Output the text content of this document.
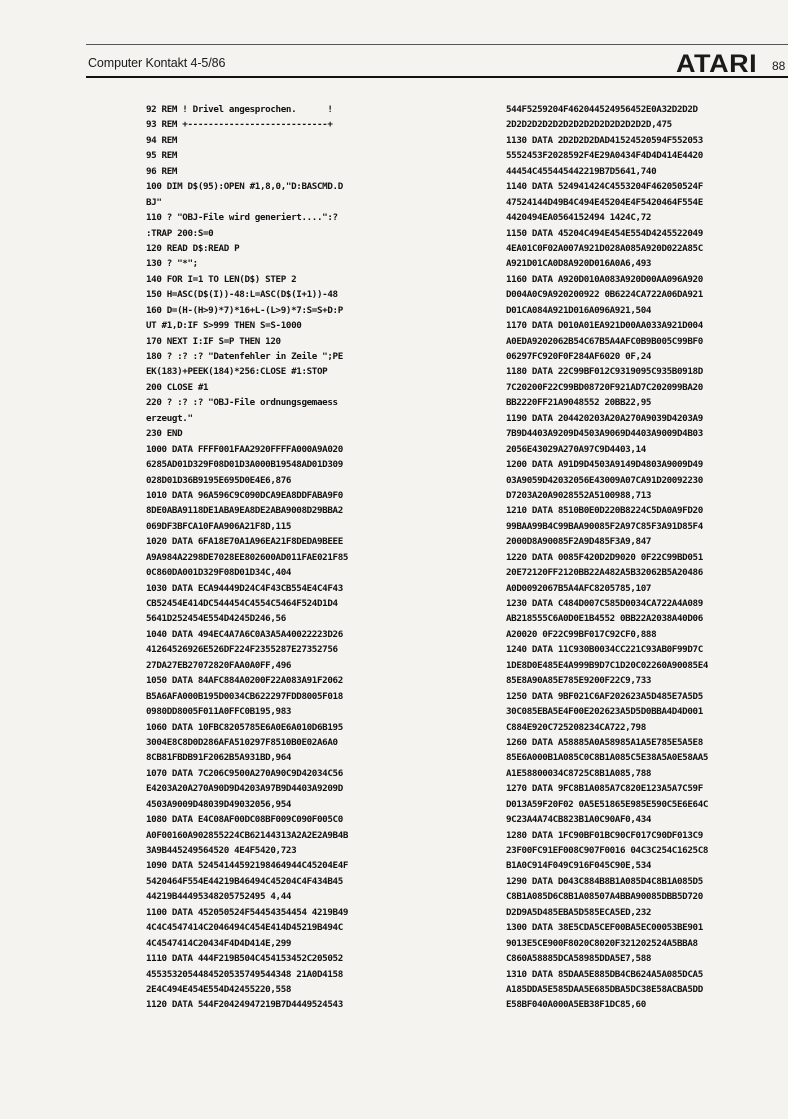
Computer Kontakt 4-5/86	ATARI 88
92 REM ! Drivel angesprochen.      !
93 REM +---------------------------+
94 REM
95 REM
96 REM
100 DIM D$(95):OPEN #1,8,0,"D:BASCMD.D
BJ"
110 ? "OBJ-File wird generiert....":?
:TRAP 200:S=0
120 READ D$:READ P
130 ? "*";
140 FOR I=1 TO LEN(D$) STEP 2
150 H=ASC(D$(I))-48:L=ASC(D$(I+1))-48
160 D=(H-(H>9)*7)*16+L-(L>9)*7:S=S+D:P
UT #1,D:IF S>999 THEN S=S-1000
170 NEXT I:IF S=P THEN 120
180 ? :? :? "Datenfehler in Zeile ";PE
EK(183)+PEEK(184)*256:CLOSE #1:STOP
200 CLOSE #1
220 ? :? :? "OBJ-File ordnungsgemaess
erzeugt."
230 END
1000 DATA FFFF001FAA2920FFFFA000A9A020
6285AD01D329F08D01D3A000B19548AD01D309
028D01D36B9195E695D0E4E6,876
1010 DATA 96A596C9C090DCA9EA8DDFABA9F0
8DE0ABA9118DE1ABA9EA8DE2ABA9008D29BBA2
069DF3BFCA10FAA906A21F8D,115
1020 DATA 6FA18E70A1A96EA21F8DEDA9BEEE
A9A984A2298DE7028EE802600AD011FAE021F85
0C860DA001D329F08D01D34C,404
1030 DATA ECA94449D24C4F43CB554E4C4F43
CB52454E414DC544454C4554C5464F524D1D4
5641D252454E554D4245D246,56
1040 DATA 494EC4A7A6C0A3A5A40022223D26
41264526926E526DF224F2355287E27352756
27DA27EB27072820FAA0A0FF,496
1050 DATA 84AFC884A0200F22A083A91F2062
B5A6AFA000B195D0034CB622297FDD8005F018
0980DD8005F011A0FFC0B195,983
1060 DATA 10FBC8205785E6A0E6A010D6B195
3004E8C8D0D286AFA510297F8510B0E02A6A0
8CB81FBDB91F2062B5A931BD,964
1070 DATA 7C206C9500A270A90C9D42034C56
E4203A20A270A90D9D4203A97B9D4403A9209D
4503A9009D48039D49032056,954
1080 DATA E4C08AF00DC08BF009C090F005C0
A0F00160A902855224CB62144313A2A2E2A9B4B
3A9B445249564520 4E4F5420,723
1090 DATA 52454144592198464944C45204E4F
5420464F554E44219B46494C45204C4F434B45
44219B44495348205752495 4,44
1100 DATA 452050524F54454354454 4219B49
4C4C4547414C2046494C454E414D45219B494C
4C4547414C20434F4D4D414E,299
1110 DATA 444F219B504C454153452C205052
4553532054484520535749544348 21A0D4158
2E4C494E454E554D42455220,558
1120 DATA 544F20424947219B7D4449524543
544F5259204F462044524956452E0A32D2D2D
2D2D2D2D2D2D2D2D2D2D2D2D2D2D,475
1130 DATA 2D2D2D2DAD41524520594F552053
5552453F2028592F4E29A0434F4D4D414E4420
44454C455445442219B7D5641,740
1140 DATA 524941424C4553204F462050524F
47524144D49B4C494E45204E4F5420464F554E
4420494EA0564152494 1424C,72
1150 DATA 45204C494E454E554D4245522049
4EA01C0F02A007A921D028A085A920D022A85C
A921D01CA0D8A920D016A0A6,493
1160 DATA A920D010A083A920D00AA096A920
D004A0C9A920200922 0B6224CA722A06DA921
D01CA084A921D016A096A921,504
1170 DATA D010A01EA921D00AA033A921D004
A0EDA9202062B54C67B5A4AFC0B9B005C99BF0
06297FC920F0F284AF6020 0F,24
1180 DATA 22C99BF012C9319095C935B0918D
7C20200F22C99BD08720F921AD7C202099BA20
BB2220FF21A9048552 20BB22,95
1190 DATA 204420203A20A270A9039D4203A9
7B9D4403A9209D4503A9069D4403A9009D4B03
2056E43029A270A97C9D4403,14
1200 DATA A91D9D4503A9149D4803A9009D49
03A9059D42032056E43009A07CA91D20092230
D7203A20A9028552A5100988,713
1210 DATA 8510B0E0D220B8224C5DA0A9FD20
99BAA99B4C99BAA90085F2A97C85F3A91D85F4
2000D8A90085F2A9D485F3A9,847
1220 DATA 0085F420D2D9020 0F22C99BD051
20E72120FF2120BB22A482A5B32062B5A20486
A0D0092067B5A4AFC8205785,107
1230 DATA C484D007C585D0034CA722A4A089
AB218555C6A0D0E1B4552 0BB22A2038A40D06
A20020 0F22C99BF017C92CF0,888
1240 DATA 11C930B0034CC221C93AB0F99D7C
1DE8D0E485E4A999B9D7C1D20C02260A90085E4
85E8A90A85E785E9200F22C9,733
1250 DATA 9BF021C6AF202623A5D485E7A5D5
30C085EBA5E4F00E202623A5D5D0BBA4D4D001
C884E920C725208234CA722,798
1260 DATA A58885A0A58985A1A5E785E5A5E8
85E6A000B1A085C0C8B1A085C5E38A5A0E58AA5
A1E58800034C8725C8B1A085,788
1270 DATA 9FC8B1A085A7C820E123A5A7C59F
D013A59F20F02 0A5E51865E985E590C5E6E64C
9C23A4A74CB823B1A0C90AF0,434
1280 DATA 1FC90BF01BC90CF017C90DF013C9
23F00FC91EF008C907F0016 04C3C254C1625C8
B1A0C914F049C916F045C90E,534
1290 DATA D043C884B8B1A085D4C8B1A085D5
C8B1A085D6C8B1A08507A4BBA90085DBB5D720
D2D9A5D485EBA5D585ECA5ED,232
1300 DATA 38E5CDA5CEF00BA5EC00053BE901
9013E5CE900F8020C8020F321202524A5BBA8
C860A58885DCA58985DDA5E7,588
1310 DATA 85DAA5E885DB4CB624A5A085DCA5
A185DDA5E585DAA5E685DBA5DC38E58ACBA5DD
E58BF040A000A5EB38F1DC85,60
